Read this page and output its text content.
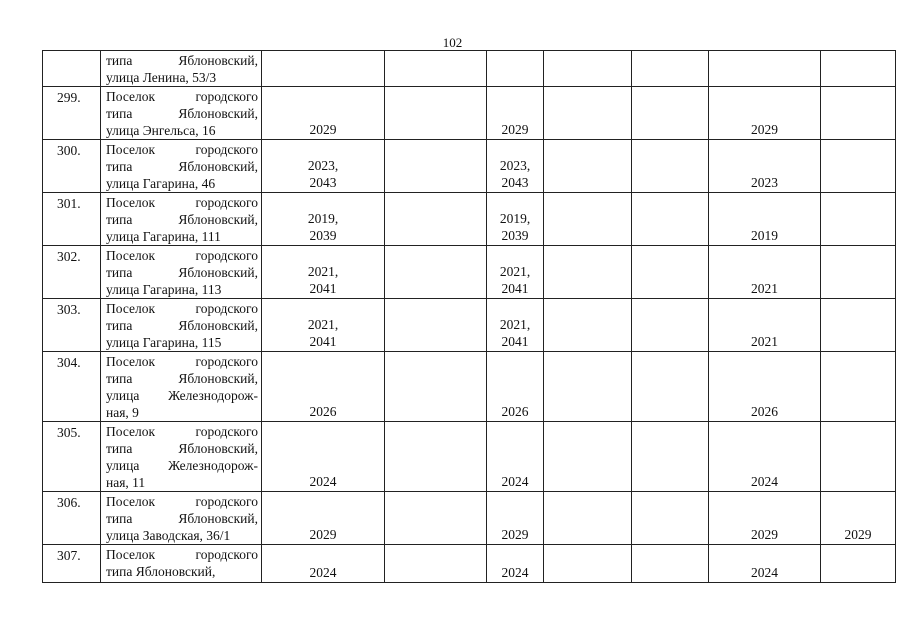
102

	типа Яблоновский,
улица Ленина, 53/3							

299.	Поселок городского
типа Яблоновский,
улица Энгельса, 16	2029		2029			2029	

300.	Поселок городского
типа Яблоновский,
улица Гагарина, 46	2023,
2043		2023,
2043			2023	

301.	Поселок городского
типа Яблоновский,
улица Гагарина, 111	2019,
2039		2019,
2039			2019	

302.	Поселок городского
типа Яблоновский,
улица Гагарина, 113	2021,
2041		2021,
2041			2021	

303.	Поселок городского
типа Яблоновский,
улица Гагарина, 115	2021,
2041		2021,
2041			2021	

304.	Поселок городского
типа Яблоновский,
улица Железнодорож-
ная, 9	2026		2026			2026	

305.	Поселок городского
типа Яблоновский,
улица Железнодорож-
ная, 11	2024		2024			2024	

306.	Поселок городского
типа Яблоновский,
улица Заводская, 36/1	2029		2029			2029	2029

307.	Поселок городского
типа Яблоновский,	2024		2024			2024	
